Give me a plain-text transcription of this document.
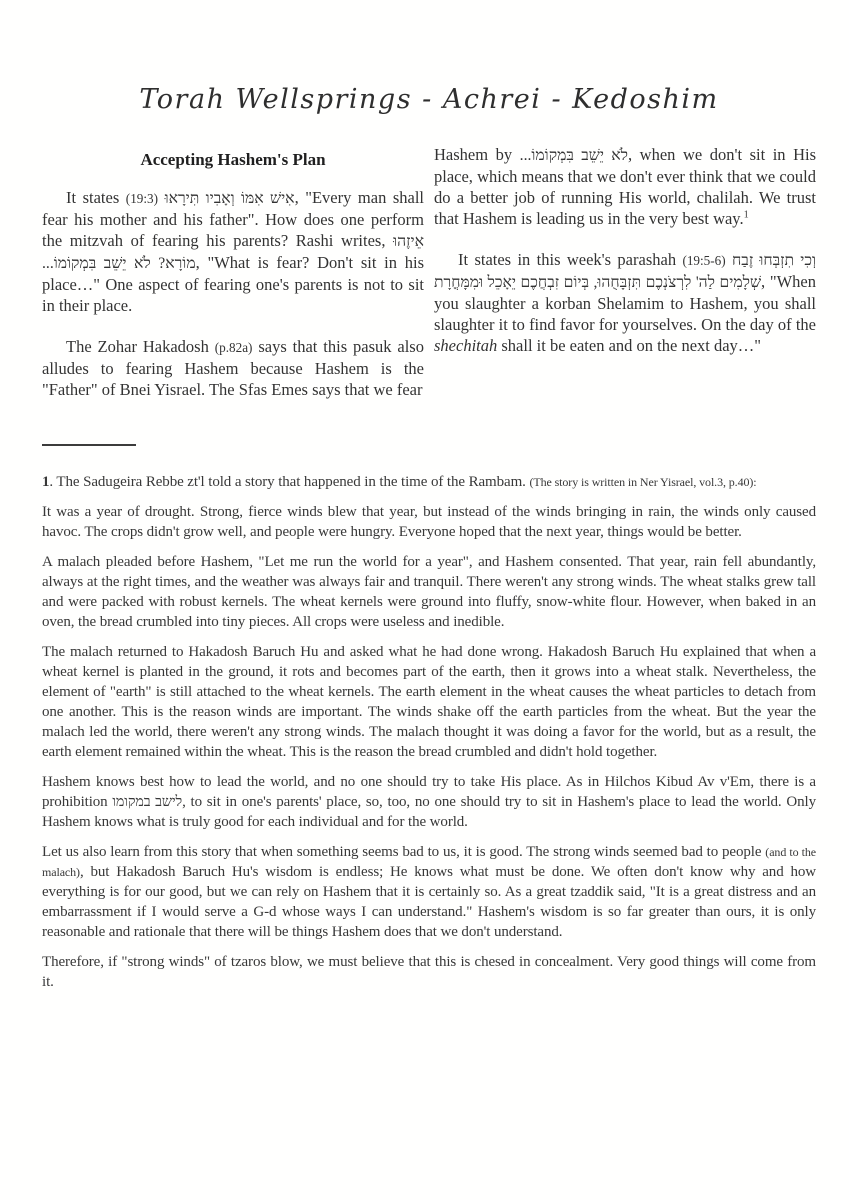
Torah Wellsprings - Achrei - Kedoshim
Accepting Hashem's Plan

It states (19:3) אִישׁ אִמּוֹ וְאָבִיו תִּירָאוּ, "Every man shall fear his mother and his father". How does one perform the mitzvah of fearing his parents? Rashi writes, אֵיזֶהוּ מוֹרָא? לֹא יֵשֵׁב בִּמְקוֹמוֹ..., "What is fear? Don't sit in his place…" One aspect of fearing one's parents is not to sit in their place.

The Zohar Hakadosh (p.82a) says that this pasuk also alludes to fearing Hashem because Hashem is the "Father" of Bnei Yisrael. The Sfas Emes says that we fear

Hashem by לֹא יֵשֵׁב בִּמְקוֹמוֹ..., when we don't sit in His place, which means that we don't ever think that we could do a better job of running His world, chalilah. We trust that Hashem is leading us in the very best way.$^1$

It states in this week's parashah (19:5-6) וְכִי תִזְבְּחוּ זֶבַח שְׁלָמִים לַה' לִרְצֹנְכֶם תִּזְבָּחֻהוּ, בְּיוֹם זִבְחֲכֶם יֵאָכֵל וּמִמָּחֳרָת, "When you slaughter a korban Shelamim to Hashem, you shall slaughter it to find favor for yourselves. On the day of the shechitah shall it be eaten and on the next day…"

1. The Sadugeira Rebbe zt'l told a story that happened in the time of the Rambam. (The story is written in Ner Yisrael, vol.3, p.40):

It was a year of drought. Strong, fierce winds blew that year, but instead of the winds bringing in rain, the winds only caused havoc. The crops didn't grow well, and people were hungry. Everyone hoped that the next year, things would be better.

A malach pleaded before Hashem, "Let me run the world for a year", and Hashem consented. That year, rain fell abundantly, always at the right times, and the weather was always fair and tranquil. There weren't any strong winds. The wheat stalks grew tall and were packed with robust kernels. The wheat kernels were ground into fluffy, snow-white flour. However, when baked in an oven, the bread crumbled into tiny pieces. All crops were useless and inedible.

The malach returned to Hakadosh Baruch Hu and asked what he had done wrong. Hakadosh Baruch Hu explained that when a wheat kernel is planted in the ground, it rots and becomes part of the earth, then it grows into a wheat stalk. Nevertheless, the element of "earth" is still attached to the wheat kernels. The earth element in the wheat causes the wheat particles to detach from one another. This is the reason winds are important. The winds shake off the earth particles from the wheat. But the year the malach led the world, there weren't any strong winds. The malach thought it was doing a favor for the world, but as a result, the earth element remained within the wheat. This is the reason the bread crumbled and didn't hold together.

Hashem knows best how to lead the world, and no one should try to take His place. As in Hilchos Kibud Av v'Em, there is a prohibition לישב במקומו, to sit in one's parents' place, so, too, no one should try to sit in Hashem's place to lead the world. Only Hashem knows what is truly good for each individual and for the world.

Let us also learn from this story that when something seems bad to us, it is good. The strong winds seemed bad to people (and to the malach), but Hakadosh Baruch Hu's wisdom is endless; He knows what must be done. We often don't know why and how everything is for our good, but we can rely on Hashem that it is certainly so. As a great tzaddik said, "It is a great distress and an embarrassment if I would serve a G-d whose ways I can understand." Hashem's wisdom is so far greater than ours, it is only reasonable and rationale that there will be things Hashem does that we don't understand.

Therefore, if "strong winds" of tzaros blow, we must believe that this is chesed in concealment. Very good things will come from it.
